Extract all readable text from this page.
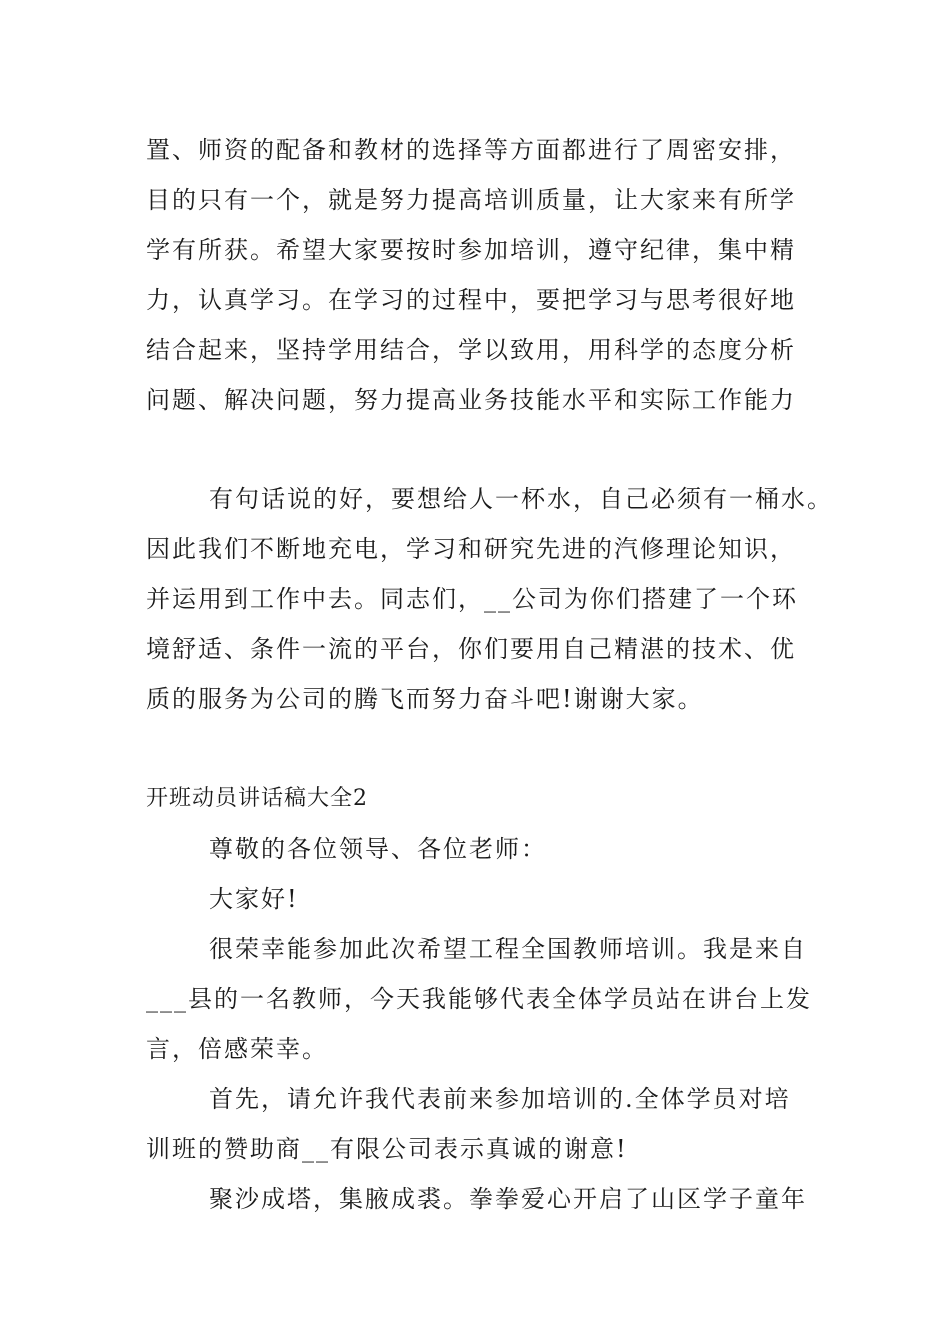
置、师资的配备和教材的选择等方面都进行了周密安排，
目的只有一个，就是努力提高培训质量，让大家来有所学
学有所获。希望大家要按时参加培训，遵守纪律，集中精
力，认真学习。在学习的过程中，要把学习与思考很好地
结合起来，坚持学用结合，学以致用，用科学的态度分析
问题、解决问题，努力提高业务技能水平和实际工作能力
有句话说的好，要想给人一杯水，自己必须有一桶水。
因此我们不断地充电，学习和研究先进的汽修理论知识，
并运用到工作中去。同志们，__公司为你们搭建了一个环
境舒适、条件一流的平台，你们要用自己精湛的技术、优
质的服务为公司的腾飞而努力奋斗吧!谢谢大家。
开班动员讲话稿大全2
尊敬的各位领导、各位老师：
大家好!
很荣幸能参加此次希望工程全国教师培训。我是来自
___县的一名教师，今天我能够代表全体学员站在讲台上发
言，倍感荣幸。
首先，请允许我代表前来参加培训的.全体学员对培
训班的赞助商__有限公司表示真诚的谢意!
聚沙成塔，集腋成裘。拳拳爱心开启了山区学子童年
